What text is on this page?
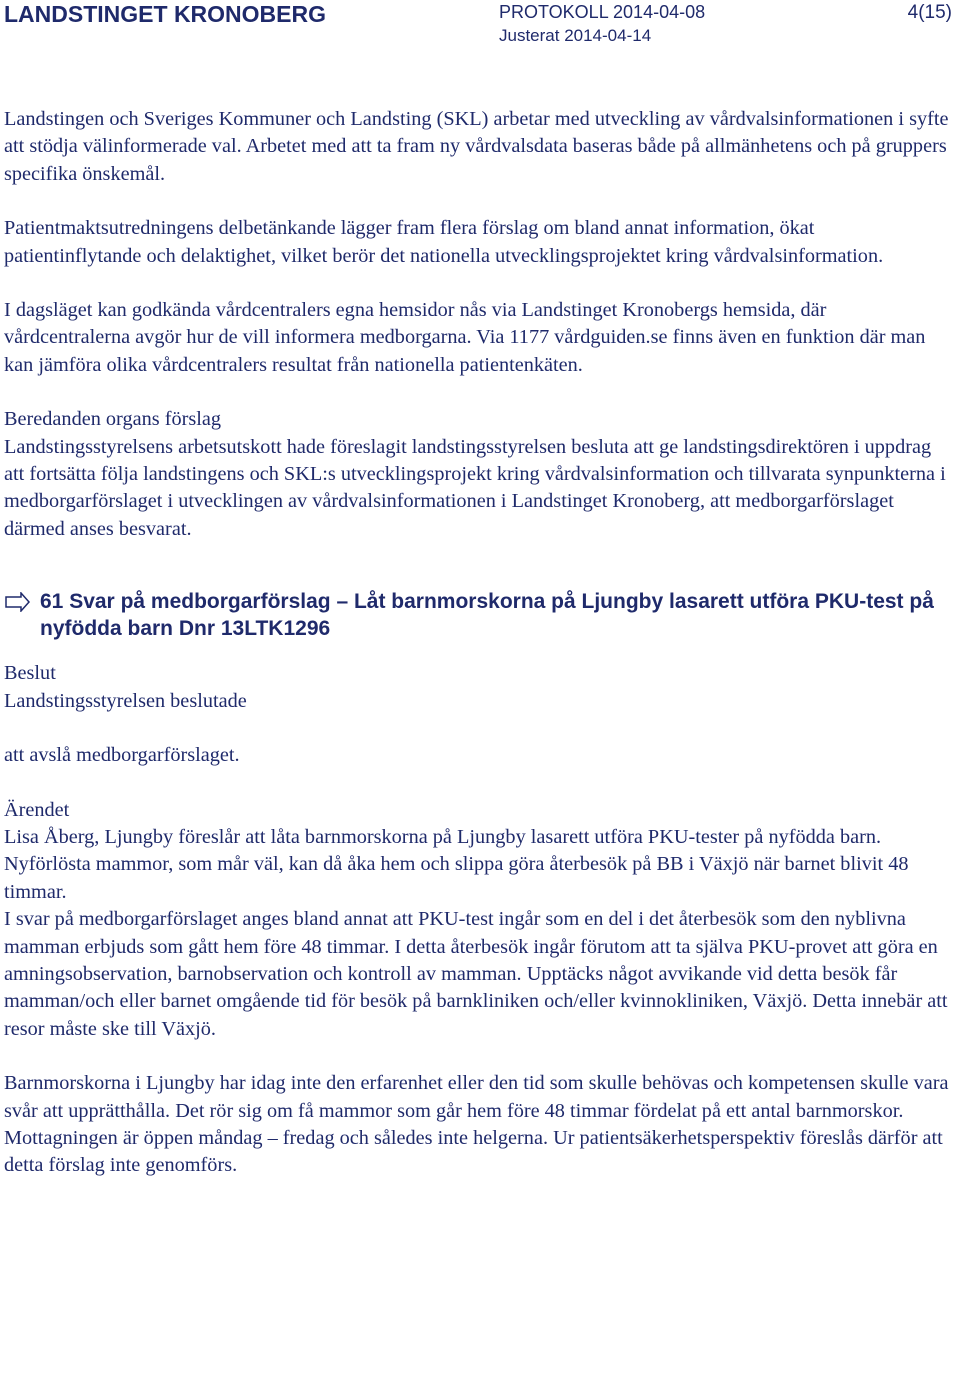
LANDSTINGET KRONOBERG	PROTOKOLL 2014-04-08
Justerat 2014-04-14
4(15)

Landstingen och Sveriges Kommuner och Landsting (SKL) arbetar med utveckling av vårdvalsinformationen i syfte att stödja välinformerade val. Arbetet med att ta fram ny vårdvalsdata baseras både på allmänhetens och på gruppers specifika önskemål.

Patientmaktsutredningens delbetänkande lägger fram flera förslag om bland annat information, ökat patientinflytande och delaktighet, vilket berör det nationella utvecklingsprojektet kring vårdvalsinformation.

I dagsläget kan godkända vårdcentralers egna hemsidor nås via Landstinget Kronobergs hemsida, där vårdcentralerna avgör hur de vill informera medborgarna. Via 1177 vårdguiden.se finns även en funktion där man kan jämföra olika vårdcentralers resultat från nationella patientenkäten.

Beredanden organs förslag

Landstingsstyrelsens arbetsutskott hade föreslagit landstingsstyrelsen besluta att ge landstingsdirektören i uppdrag att fortsätta följa landstingens och SKL:s utvecklingsprojekt kring vårdvalsinformation och tillvarata synpunkterna i medborgarförslaget i utvecklingen av vårdvalsinformationen i Landstinget Kronoberg, att medborgarförslaget därmed anses besvarat.

61 Svar på medborgarförslag – Låt barnmorskorna på Ljungby lasarett utföra PKU-test på nyfödda barn Dnr 13LTK1296

Beslut

Landstingsstyrelsen beslutade

att avslå medborgarförslaget.

Ärendet

Lisa Åberg, Ljungby föreslår att låta barnmorskorna på Ljungby lasarett utföra PKU-tester på nyfödda barn. Nyförlösta mammor, som mår väl, kan då åka hem och slippa göra återbesök på BB i Växjö när barnet blivit 48 timmar.

I svar på medborgarförslaget anges bland annat att PKU-test ingår som en del i det återbesök som den nyblivna mamman erbjuds som gått hem före 48 timmar. I detta återbesök ingår förutom att ta själva PKU-provet att göra en amningsobservation, barnobservation och kontroll av mamman. Upptäcks något avvikande vid detta besök får mamman/och eller barnet omgående tid för besök på barnkliniken och/eller kvinnokliniken, Växjö. Detta innebär att resor måste ske till Växjö.

Barnmorskorna i Ljungby har idag inte den erfarenhet eller den tid som skulle behövas och kompetensen skulle vara svår att upprätthålla. Det rör sig om få mammor som går hem före 48 timmar fördelat på ett antal barnmorskor. Mottagningen är öppen måndag – fredag och således inte helgerna. Ur patientsäkerhetsperspektiv föreslås därför att detta förslag inte genomförs.
